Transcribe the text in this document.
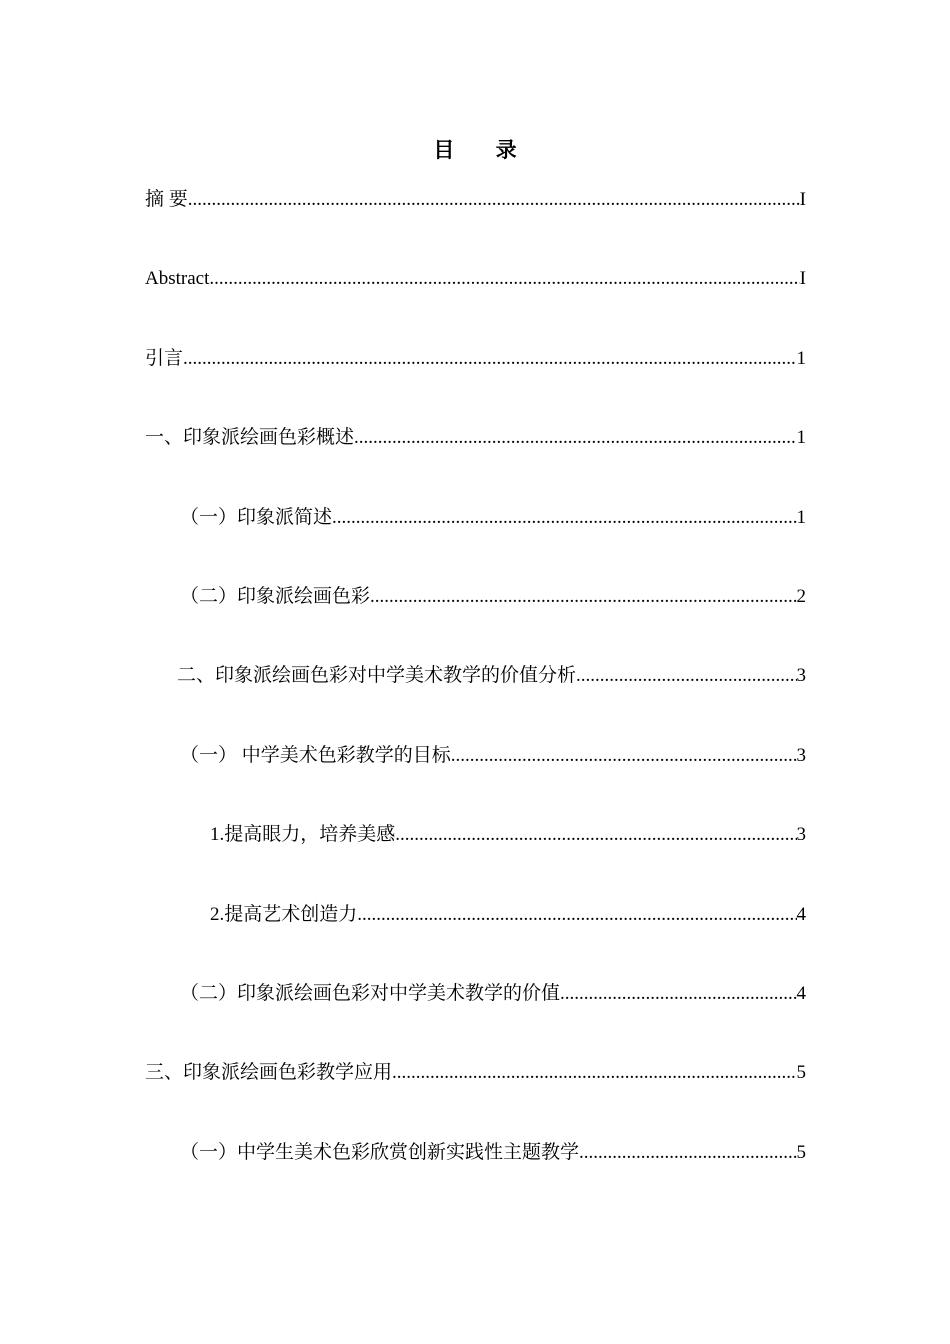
目 录
摘 要 .....	I
Abstract .....	I
引言 .....	1
一、印象派绘画色彩概述 .....	1
（一）印象派简述 .....	1
（二）印象派绘画色彩 .....	2
二、印象派绘画色彩对中学美术教学的价值分析 .....	3
（一） 中学美术色彩教学的目标 .....	3
1.提高眼力，培养美感 .....	3
2.提高艺术创造力 .....	4
（二）印象派绘画色彩对中学美术教学的价值 .....	4
三、印象派绘画色彩教学应用 .....	5
（一）中学生美术色彩欣赏创新实践性主题教学 .....	5
